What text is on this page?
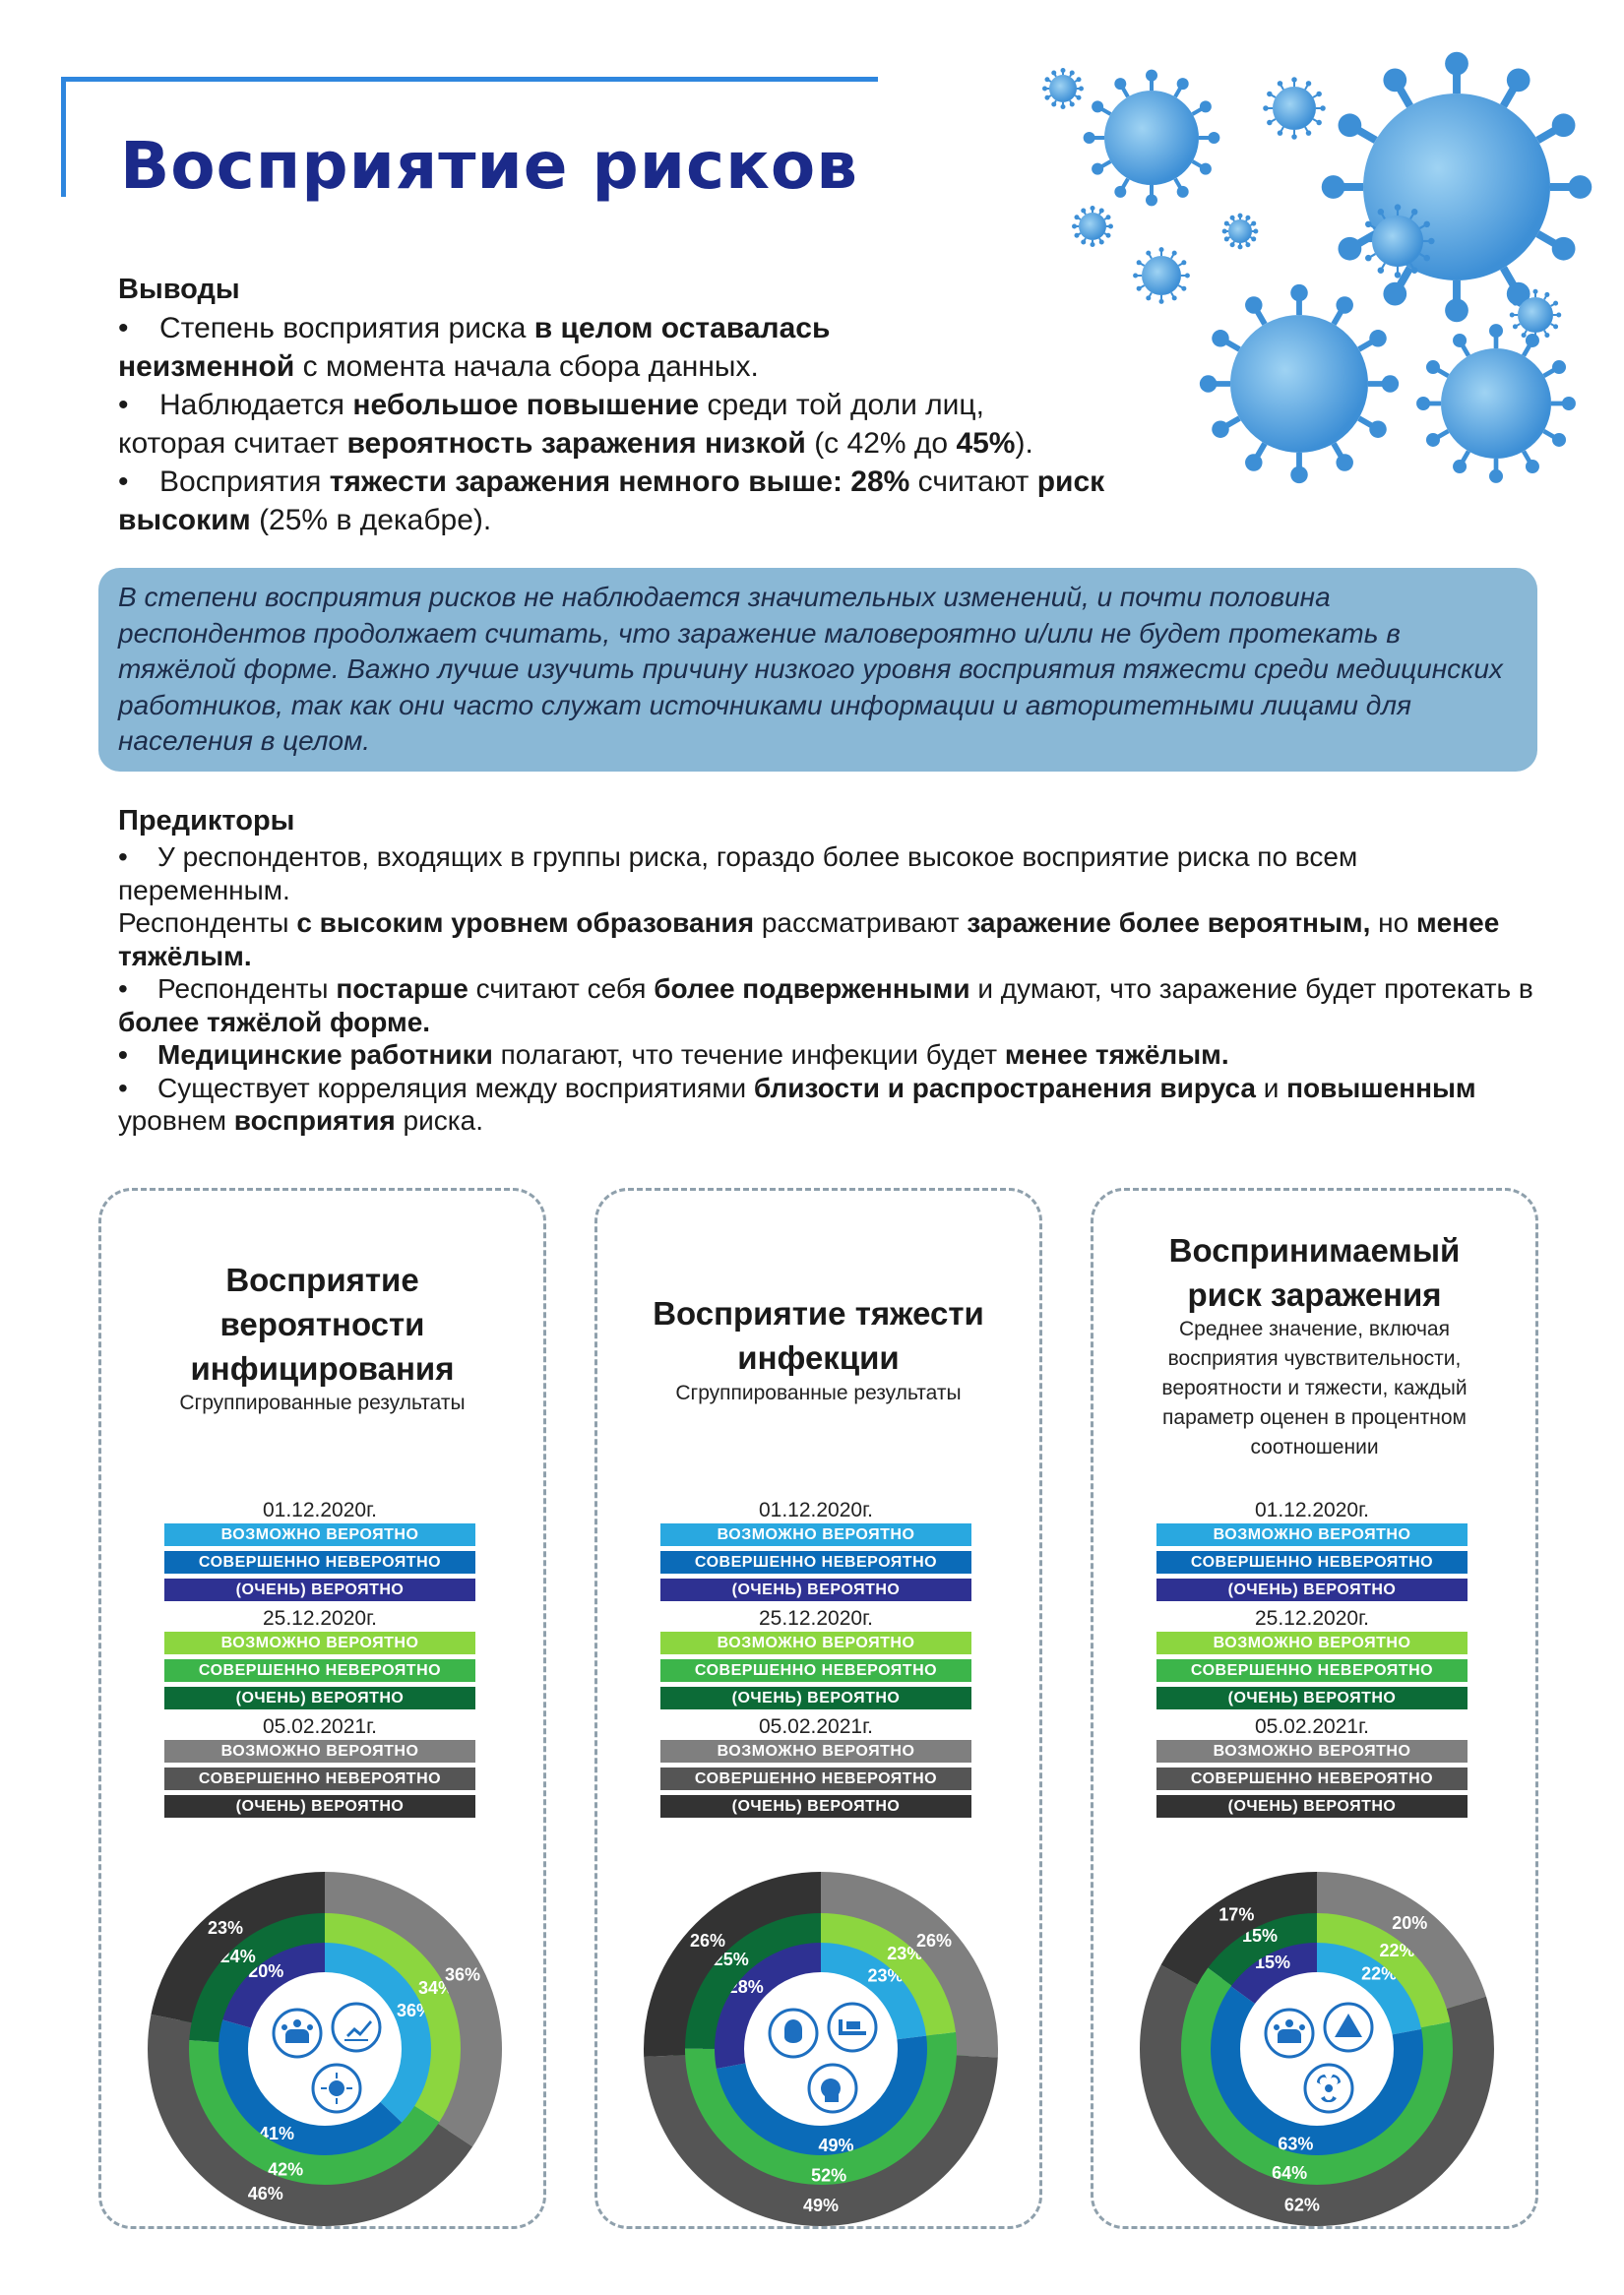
Восприятие рисков
Выводы
• Степень восприятия риска в целом оставалась
неизменной с момента начала сбора данных.
• Наблюдается небольшое повышение среди той доли лиц,
которая считает вероятность заражения низкой (с 42% до 45%).
• Восприятия тяжести заражения немного выше: 28% считают риск
высоким (25% в декабре).
В степени восприятия рисков не наблюдается значительных изменений, и почти половина респондентов продолжает считать, что заражение маловероятно и/или не будет протекать в тяжёлой форме. Важно лучше изучить причину низкого уровня восприятия тяжести среди медицинских работников, так как они часто служат источниками информации и авторитетными лицами для населения в целом.
Предикторы
• У респондентов, входящих в группы риска, гораздо более высокое восприятие риска по всем переменным.
Респонденты с высоким уровнем образования рассматривают заражение более вероятным, но менее тяжёлым.
• Респонденты постарше считают себя более подверженными и думают, что заражение будет протекать в более тяжёлой форме.
• Медицинские работники полагают, что течение инфекции будет менее тяжёлым.
• Существует корреляция между восприятиями близости и распространения вируса и повышенным уровнем восприятия риска.
Восприятие
вероятности
инфицирования
Сгруппированные результаты
01.12.2020г.
ВОЗМОЖНО ВЕРОЯТНО
СОВЕРШЕННО НЕВЕРОЯТНО
(ОЧЕНЬ) ВЕРОЯТНО
25.12.2020г.
ВОЗМОЖНО ВЕРОЯТНО
СОВЕРШЕННО НЕВЕРОЯТНО
(ОЧЕНЬ) ВЕРОЯТНО
05.02.2021г.
ВОЗМОЖНО ВЕРОЯТНО
СОВЕРШЕННО НЕВЕРОЯТНО
(ОЧЕНЬ) ВЕРОЯТНО
36%
41%
20%
34%
42%
24%
36%
46%
23%
Восприятие тяжести
инфекции
Сгруппированные результаты
01.12.2020г.
ВОЗМОЖНО ВЕРОЯТНО
СОВЕРШЕННО НЕВЕРОЯТНО
(ОЧЕНЬ) ВЕРОЯТНО
25.12.2020г.
ВОЗМОЖНО ВЕРОЯТНО
СОВЕРШЕННО НЕВЕРОЯТНО
(ОЧЕНЬ) ВЕРОЯТНО
05.02.2021г.
ВОЗМОЖНО ВЕРОЯТНО
СОВЕРШЕННО НЕВЕРОЯТНО
(ОЧЕНЬ) ВЕРОЯТНО
23%
49%
28%
23%
52%
25%
26%
49%
26%
Воспринимаемый
риск заражения
Среднее значение, включая
восприятия чувствительности,
вероятности и тяжести, каждый
параметр оценен в процентном
соотношении
01.12.2020г.
ВОЗМОЖНО ВЕРОЯТНО
СОВЕРШЕННО НЕВЕРОЯТНО
(ОЧЕНЬ) ВЕРОЯТНО
25.12.2020г.
ВОЗМОЖНО ВЕРОЯТНО
СОВЕРШЕННО НЕВЕРОЯТНО
(ОЧЕНЬ) ВЕРОЯТНО
05.02.2021г.
ВОЗМОЖНО ВЕРОЯТНО
СОВЕРШЕННО НЕВЕРОЯТНО
(ОЧЕНЬ) ВЕРОЯТНО
22%
63%
15%
22%
64%
15%
20%
62%
17%
